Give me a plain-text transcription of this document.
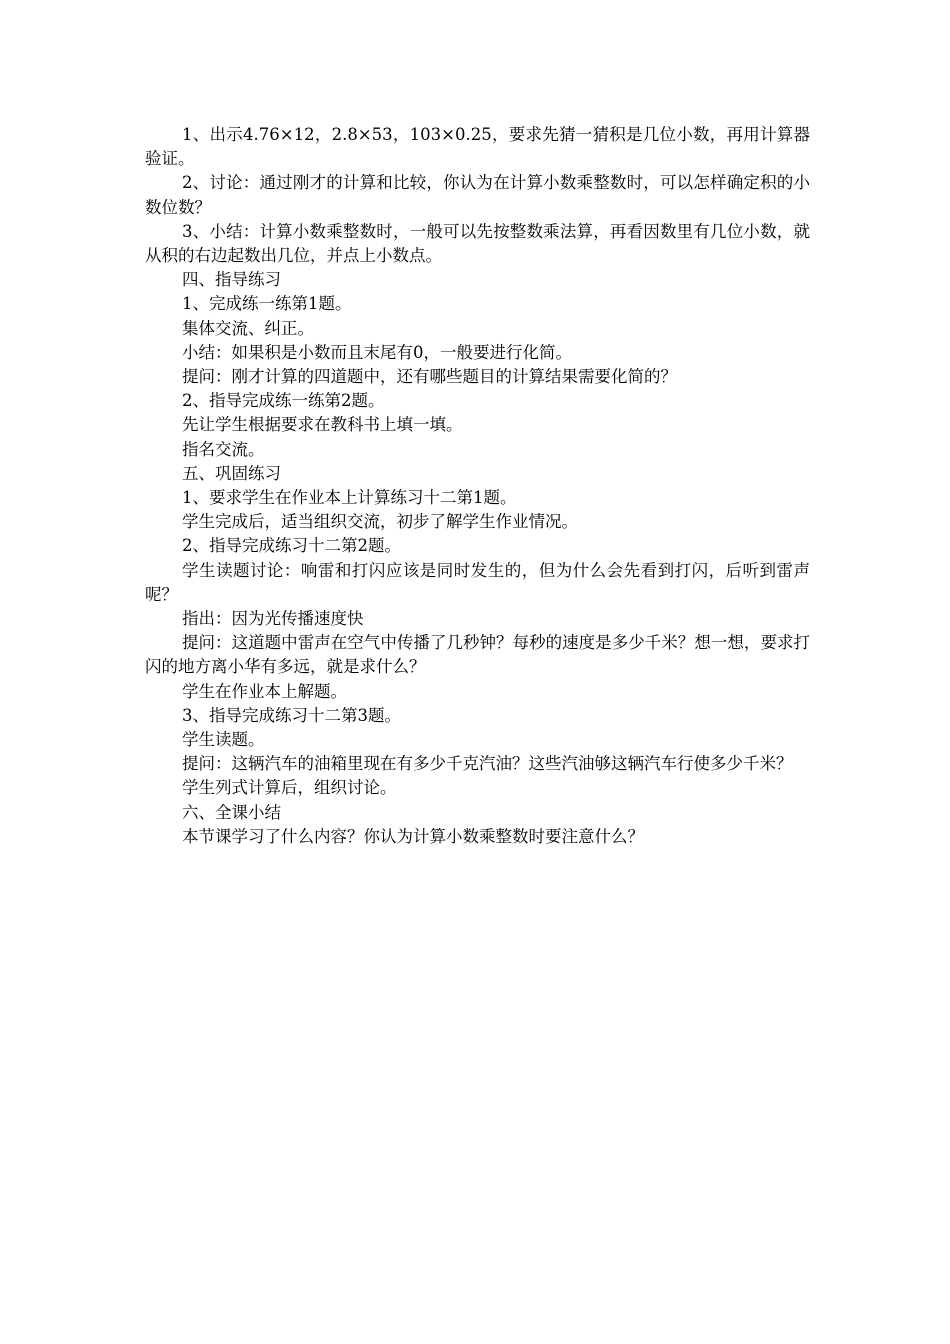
1、出示4.76×12，2.8×53，103×0.25，要求先猜一猜积是几位小数，再用计算器验证。

2、讨论：通过刚才的计算和比较，你认为在计算小数乘整数时，可以怎样确定积的小数位数？

3、小结：计算小数乘整数时，一般可以先按整数乘法算，再看因数里有几位小数，就从积的右边起数出几位，并点上小数点。

四、指导练习

1、完成练一练第1题。

集体交流、纠正。

小结：如果积是小数而且末尾有0，一般要进行化简。

提问：刚才计算的四道题中，还有哪些题目的计算结果需要化简的？

2、指导完成练一练第2题。

先让学生根据要求在教科书上填一填。

指名交流。

五、巩固练习

1、要求学生在作业本上计算练习十二第1题。

学生完成后，适当组织交流，初步了解学生作业情况。

2、指导完成练习十二第2题。

学生读题讨论：响雷和打闪应该是同时发生的，但为什么会先看到打闪，后听到雷声呢？

指出：因为光传播速度快

提问：这道题中雷声在空气中传播了几秒钟？每秒的速度是多少千米？想一想，要求打闪的地方离小华有多远，就是求什么？

学生在作业本上解题。

3、指导完成练习十二第3题。

学生读题。

提问：这辆汽车的油箱里现在有多少千克汽油？这些汽油够这辆汽车行使多少千米？

学生列式计算后，组织讨论。

六、全课小结

本节课学习了什么内容？你认为计算小数乘整数时要注意什么？
